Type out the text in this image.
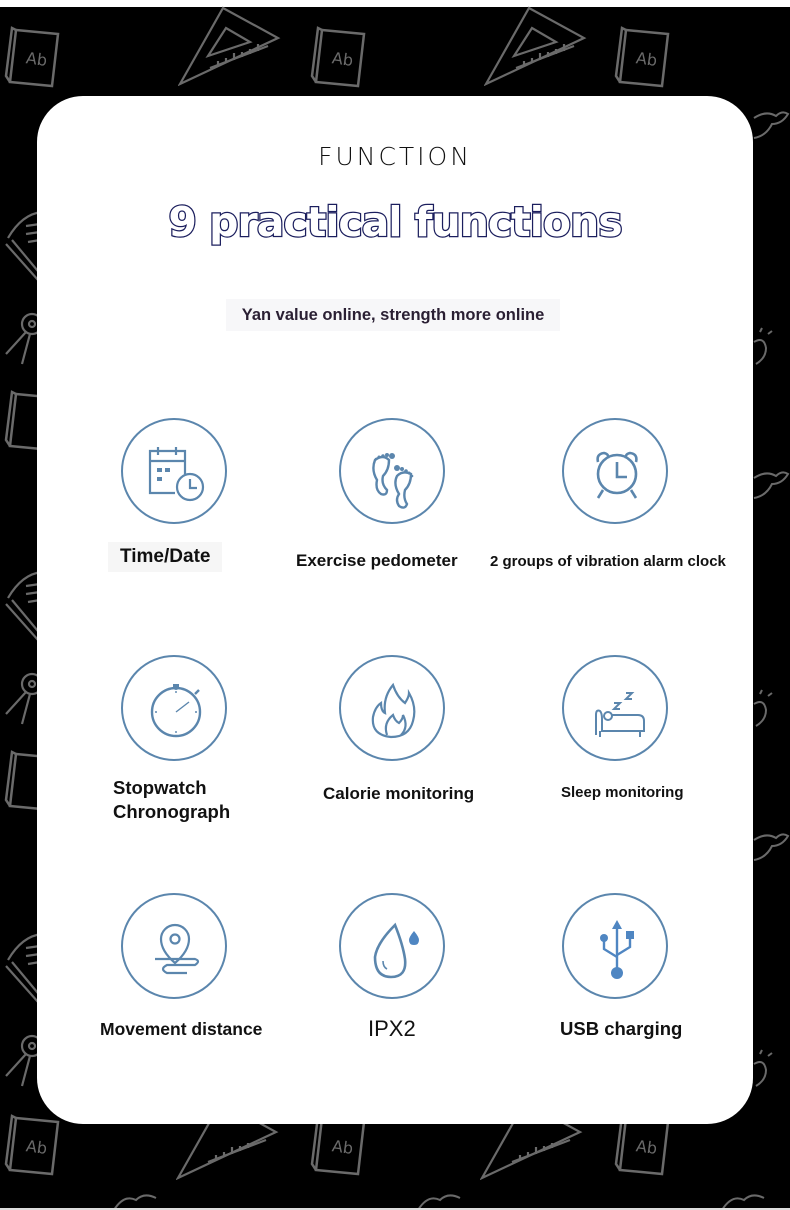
Ab	Ab	Ab
Ab	Ab	Ab
FUNCTION
9 practical functions
Yan value online, strength more online
Time/Date	Exercise pedometer 2 groups of vibration alarm clock
Stopwatch
Chronograph
Calorie monitoring	Sleep monitoring
Movement distance	IPX2	USB charging
